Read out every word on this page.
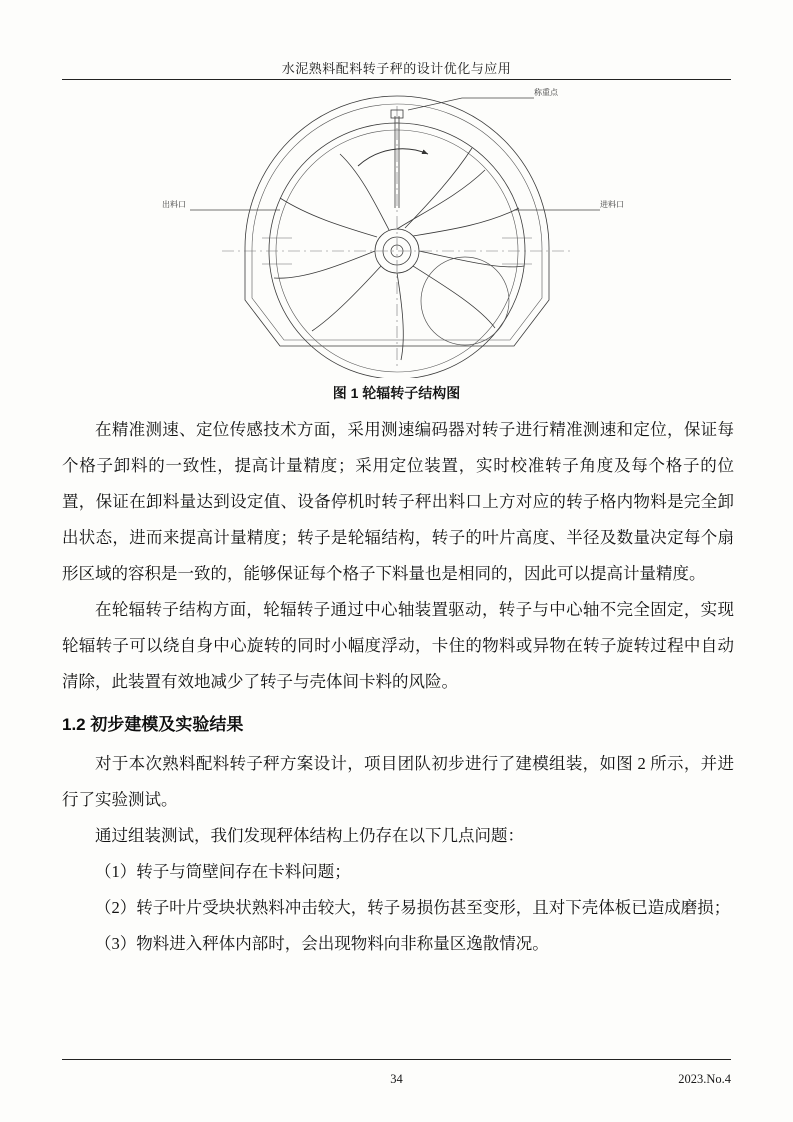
水泥熟料配料转子秤的设计优化与应用
称重点
出料口	进料口
图 1 轮辐转子结构图

在精准测速、定位传感技术方面，采用测速编码器对转子进行精准测速和定位，保证每个格子卸料的一致性，提高计量精度；采用定位装置，实时校准转子角度及每个格子的位置，保证在卸料量达到设定值、设备停机时转子秤出料口上方对应的转子格内物料是完全卸出状态，进而来提高计量精度；转子是轮辐结构，转子的叶片高度、半径及数量决定每个扇形区域的容积是一致的，能够保证每个格子下料量也是相同的，因此可以提高计量精度。

在轮辐转子结构方面，轮辐转子通过中心轴装置驱动，转子与中心轴不完全固定，实现轮辐转子可以绕自身中心旋转的同时小幅度浮动，卡住的物料或异物在转子旋转过程中自动清除，此装置有效地减少了转子与壳体间卡料的风险。

1.2 初步建模及实验结果

对于本次熟料配料转子秤方案设计，项目团队初步进行了建模组装，如图 2 所示，并进行了实验测试。

通过组装测试，我们发现秤体结构上仍存在以下几点问题：

（1）转子与筒壁间存在卡料问题；

（2）转子叶片受块状熟料冲击较大，转子易损伤甚至变形，且对下壳体板已造成磨损；

（3）物料进入秤体内部时，会出现物料向非称量区逸散情况。

34	2023.No.4
